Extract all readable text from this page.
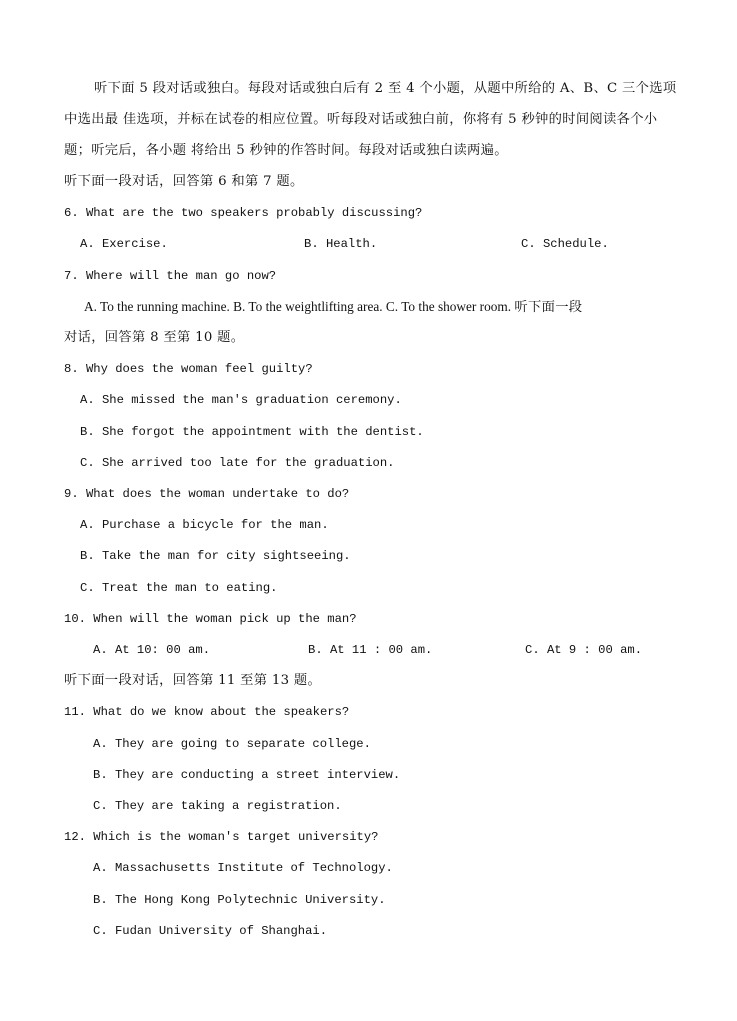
听下面 5 段对话或独白。每段对话或独白后有 2 至 4 个小题，从题中所给的 A、B、C 三个选项
中选出最 佳选项，并标在试卷的相应位置。听每段对话或独白前，你将有 5 秒钟的时间阅读各个小
题；听完后，各小题 将给出 5 秒钟的作答时间。每段对话或独白读两遍。
听下面一段对话，回答第 6 和第 7 题。
6. What are the two speakers probably discussing?
A. Exercise.	B. Health.	C. Schedule.
7. Where will the man go now?
A. To the running machine. B. To the weightlifting area. C. To the shower room. 听下面一段
对话，回答第 8 至第 10 题。
8. Why does the woman feel guilty?
A. She missed the man's graduation ceremony.
B. She forgot the appointment with the dentist.
C. She arrived too late for the graduation.
9. What does the woman undertake to do?
A. Purchase a bicycle for the man.
B. Take the man for city sightseeing.
C. Treat the man to eating.
10. When will the woman pick up the man?
A. At 10: 00 am.	B. At 11 : 00 am.	C. At 9 : 00 am.
听下面一段对话，回答第 11 至第 13 题。
11. What do we know about the speakers?
A. They are going to separate college.
B. They are conducting a street interview.
C. They are taking a registration.
12. Which is the woman's target university?
A. Massachusetts Institute of Technology.
B. The Hong Kong Polytechnic University.
C. Fudan University of Shanghai.
